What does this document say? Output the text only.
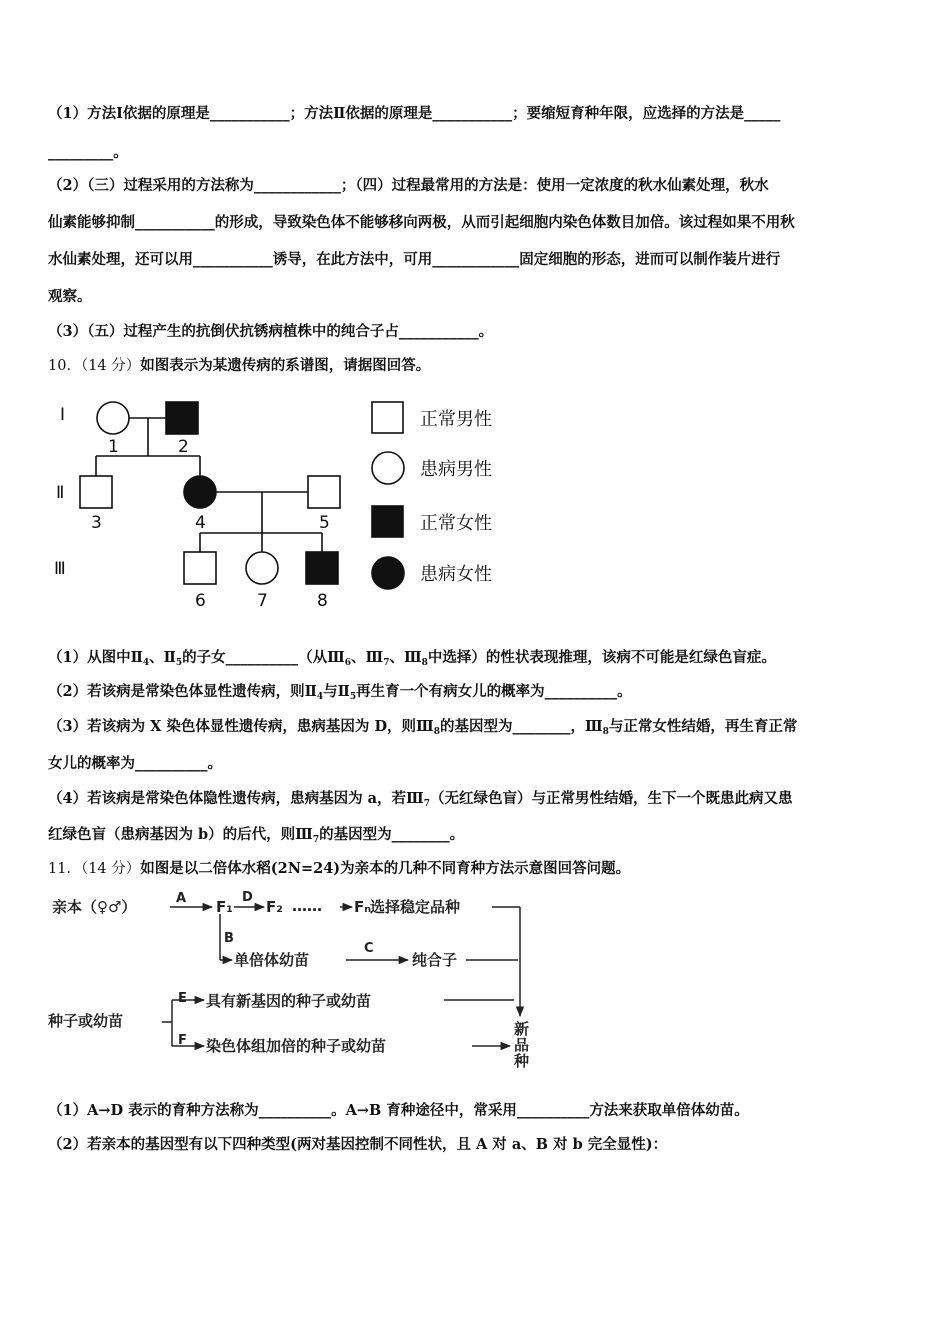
（1）方法Ⅰ依据的原理是___________；方法Ⅱ依据的原理是___________；要缩短育种年限，应选择的方法是_____
_________。
（2）（三）过程采用的方法称为____________；（四）过程最常用的方法是：使用一定浓度的秋水仙素处理，秋水
仙素能够抑制___________的形成，导致染色体不能够移向两极，从而引起细胞内染色体数目加倍。该过程如果不用秋
水仙素处理，还可以用___________诱导，在此方法中，可用____________固定细胞的形态，进而可以制作装片进行
观察。
（3）（五）过程产生的抗倒伏抗锈病植株中的纯合子占___________。
10．（14 分）如图表示为某遗传病的系谱图，请据图回答。
Ⅰ
Ⅱ
Ⅲ
1	2
3	4	5
6	7	8
正常男性
患病男性
正常女性
患病女性
（1）从图中$Ⅱ_4$、$Ⅱ_5$的子女__________（从$Ⅲ_6$、$Ⅲ_7$、$Ⅲ_8$中选择）的性状表现推理，该病不可能是红绿色盲症。
（2）若该病是常染色体显性遗传病，则$Ⅱ_4$与$Ⅱ_5$再生育一个有病女儿的概率为__________。
（3）若该病为 X 染色体显性遗传病，患病基因为 D，则$Ⅲ_8$的基因型为________，$Ⅲ_8$与正常女性结婚，再生育正常
女儿的概率为__________。
（4）若该病是常染色体隐性遗传病，患病基因为 a，若$Ⅲ_7$（无红绿色盲）与正常男性结婚，生下一个既患此病又患
红绿色盲（患病基因为 b）的后代，则$Ⅲ_7$的基因型为________。
11．（14 分）如图是以二倍体水稻(2N=24)为亲本的几种不同育种方法示意图回答问题。
亲本（♀♂）	A F₁
D
F₂ …… Fₙ
选择稳定品种
B
单倍体幼苗
C
纯合子
种子或幼苗
E 具有新基因的种子或幼苗
F 染色体组加倍的种子或幼苗
新
品
种
（1）A→D 表示的育种方法称为__________。A→B 育种途径中，常采用__________方法来获取单倍体幼苗。
（2）若亲本的基因型有以下四种类型(两对基因控制不同性状，且 A 对 a、B 对 b 完全显性)：
